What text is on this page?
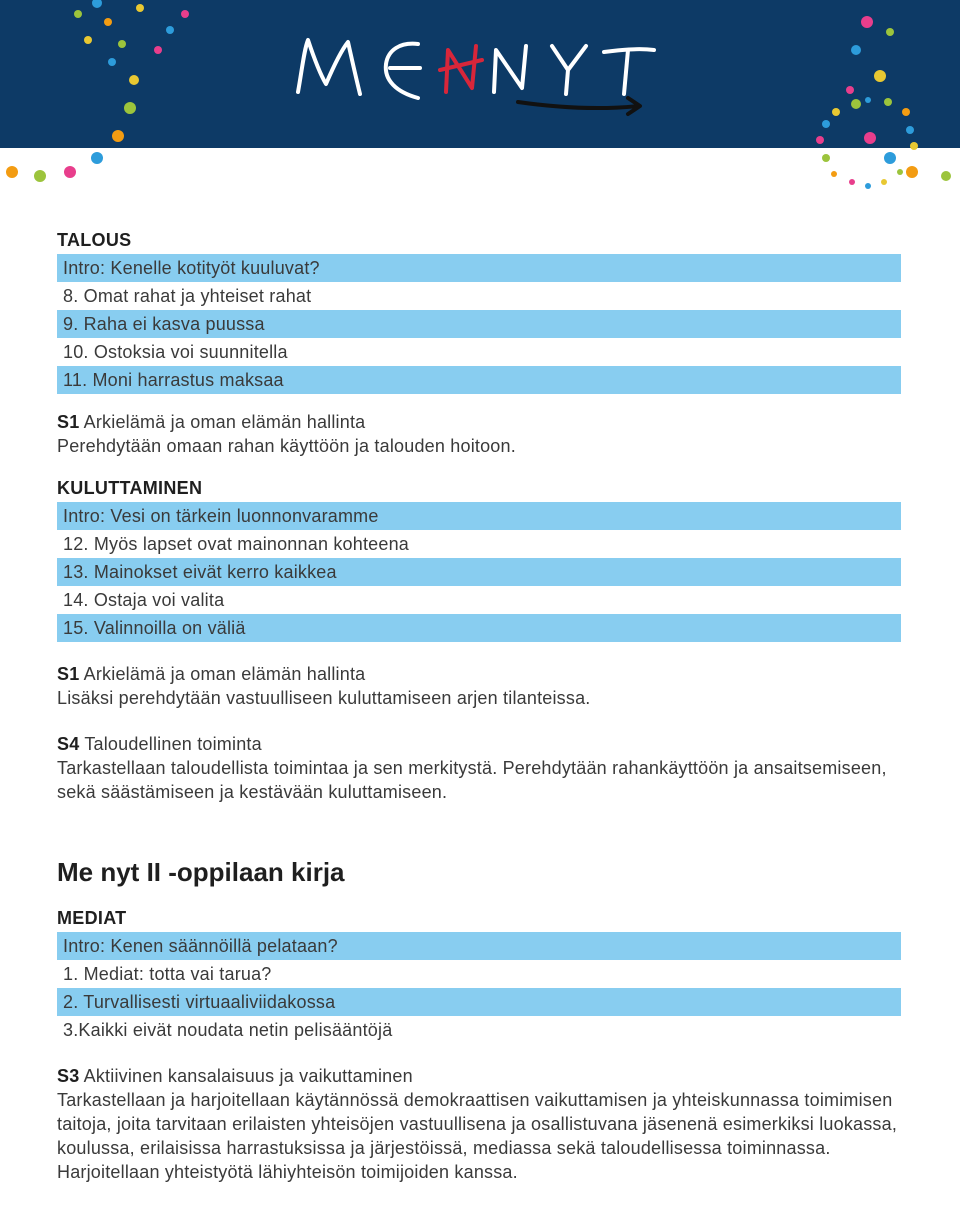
TALOUS
Intro: Kenelle kotityöt kuuluvat?
8. Omat rahat ja yhteiset rahat
9. Raha ei kasva puussa
10. Ostoksia voi suunnitella
11. Moni harrastus maksaa
S1 Arkielämä ja oman elämän hallinta
Perehdytään omaan rahan käyttöön ja talouden hoitoon.
KULUTTAMINEN
Intro: Vesi on tärkein luonnonvaramme
12. Myös lapset ovat mainonnan kohteena
13. Mainokset eivät kerro kaikkea
14. Ostaja voi valita
15. Valinnoilla on väliä
S1 Arkielämä ja oman elämän hallinta
Lisäksi perehdytään vastuulliseen kuluttamiseen arjen tilanteissa.
S4 Taloudellinen toiminta
Tarkastellaan taloudellista toimintaa ja sen merkitystä. Perehdytään rahankäyttöön ja ansaitsemiseen, sekä säästämiseen ja kestävään kuluttamiseen.
Me nyt II -oppilaan kirja
MEDIAT
Intro: Kenen säännöillä pelataan?
1. Mediat: totta vai tarua?
2. Turvallisesti virtuaaliviidakossa
3.Kaikki eivät noudata netin pelisääntöjä
S3 Aktiivinen kansalaisuus ja vaikuttaminen
Tarkastellaan ja harjoitellaan käytännössä demokraattisen vaikuttamisen ja yhteiskunnassa toimimisen taitoja, joita tarvitaan erilaisten yhteisöjen vastuullisena ja osallistuvana jäsenenä esimerkiksi luokassa, koulussa, erilaisissa harrastuksissa ja järjestöissä, mediassa sekä taloudellisessa toiminnassa. Harjoitellaan yhteistyötä lähiyhteisön toimijoiden kanssa.
